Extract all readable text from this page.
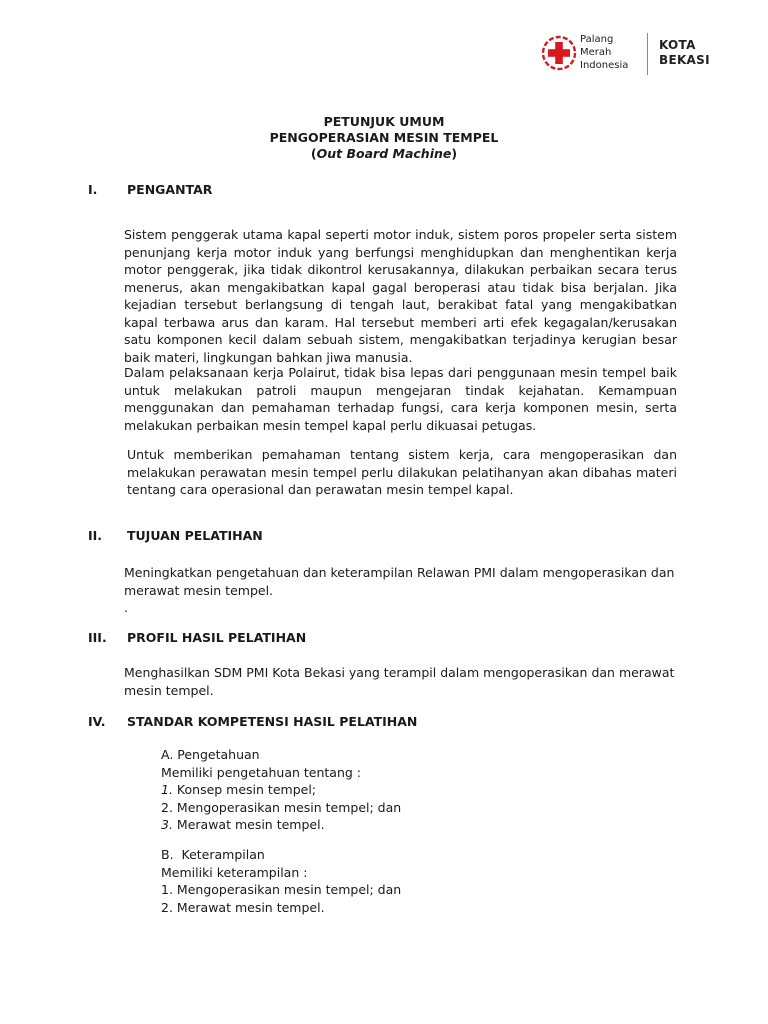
Palang
Merah
Indonesia
KOTA
BEKASI
PETUNJUK UMUM
PENGOPERASIAN MESIN TEMPEL
(Out Board Machine)
I. PENGANTAR
Sistem penggerak utama kapal seperti motor induk, sistem poros propeler serta sistem penunjang kerja motor induk yang berfungsi menghidupkan dan menghentikan kerja motor penggerak, jika tidak dikontrol kerusakannya, dilakukan perbaikan secara terus menerus, akan mengakibatkan kapal gagal beroperasi atau tidak bisa berjalan. Jika kejadian tersebut berlangsung di tengah laut, berakibat fatal yang mengakibatkan kapal terbawa arus dan karam. Hal tersebut memberi arti efek kegagalan/kerusakan satu komponen kecil dalam sebuah sistem, mengakibatkan terjadinya kerugian besar baik materi, lingkungan bahkan jiwa manusia.
Dalam pelaksanaan kerja Polairut, tidak bisa lepas dari penggunaan mesin tempel baik untuk melakukan patroli maupun mengejaran tindak kejahatan. Kemampuan menggunakan dan pemahaman terhadap fungsi, cara kerja komponen mesin, serta melakukan perbaikan mesin tempel kapal perlu dikuasai petugas.
Untuk memberikan pemahaman tentang sistem kerja, cara mengoperasikan dan melakukan perawatan mesin tempel perlu dilakukan pelatihanyan akan dibahas materi tentang cara operasional dan perawatan mesin tempel kapal.
II. TUJUAN PELATIHAN
Meningkatkan pengetahuan dan keterampilan Relawan PMI dalam mengoperasikan dan
merawat mesin tempel.
.
III. PROFIL HASIL PELATIHAN
Menghasilkan SDM PMI Kota Bekasi yang terampil dalam mengoperasikan dan merawat
mesin tempel.
IV. STANDAR KOMPETENSI HASIL PELATIHAN
A. Pengetahuan
Memiliki pengetahuan tentang :
1. Konsep mesin tempel;
2. Mengoperasikan mesin tempel; dan
3. Merawat mesin tempel.
B.  Keterampilan
Memiliki keterampilan :
1. Mengoperasikan mesin tempel; dan
2. Merawat mesin tempel.
